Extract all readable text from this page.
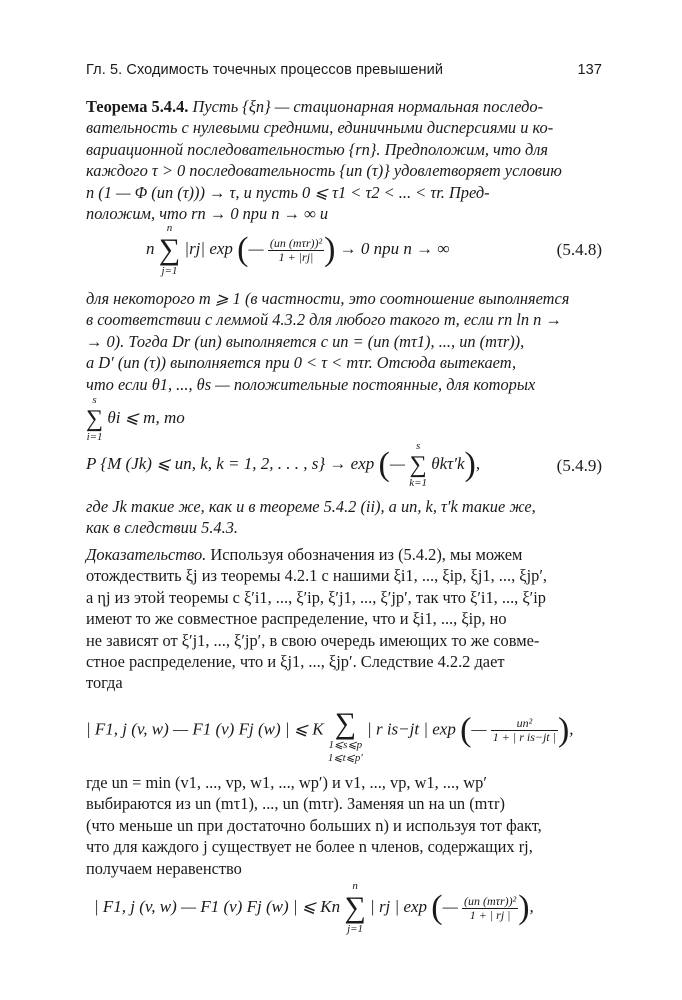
Гл. 5. Сходимость точечных процессов превышений	137
Теорема 5.4.4. Пусть {ξn} — стационарная нормальная последо-
вательность с нулевыми средними, единичными дисперсиями и ко-
вариационной последовательностью {rn}. Предположим, что для
каждого τ > 0 последовательность {un (τ)} удовлетворяет условию
n (1 — Φ (un (τ))) → τ, и пусть 0 ⩽ τ1 < τ2 < ... < τr. Пред-
положим, что rn → 0 при n → ∞ и
n
n
∑
j=1
|rj| exp (— $\frac{\text{(un (mτr))²}}{1 + |rj|}$ ) → 0 при n → ∞	(5.4.8)
для некоторого m ⩾ 1 (в частности, это соотношение выполняется
в соответствии с леммой 4.3.2 для любого такого m, если rn ln n →
→ 0). Тогда Dr (un) выполняется с un = (un (mτ1), ..., un (mτr)),
а D′ (un (τ)) выполняется при 0 < τ < mτr. Отсюда вытекает,
что если θ1, ..., θs — положительные постоянные, для которых
s
∑
i=1
θi ⩽ m, то
P {M (Jk) ⩽ un, k, k = 1, 2, . . . , s} → exp (—
s
∑
k=1
θkτ′k),	(5.4.9)
где Jk такие же, как и в теореме 5.4.2 (ii), а un, k, τ′k такие же,
как в следствии 5.4.3.
Доказательство. Используя обозначения из (5.4.2), мы можем
отождествить ξj из теоремы 4.2.1 с нашими ξi1, ..., ξip, ξj1, ..., ξjp′,
а ηj из этой теоремы с ξ′i1, ..., ξ′ip, ξ′j1, ..., ξ′jp′, так что ξ′i1, ..., ξ′ip
имеют то же совместное распределение, что и ξi1, ..., ξip, но
не зависят от ξ′j1, ..., ξ′jp′, в свою очередь имеющих то же совме-
стное распределение, что и ξj1, ..., ξjp′. Следствие 4.2.2 дает
тогда
| F1, j (v, w) — F1 (v) Fj (w) | ⩽ K
∑
1⩽s⩽p
1⩽t⩽p′
| r is−jt | exp (— $\frac{\text{un²}}{\text{1 + | r is−jt |}}$ ),
где un = min (v1, ..., vp, w1, ..., wp′) и v1, ..., vp, w1, ..., wp′
выбираются из un (mτ1), ..., un (mτr). Заменяя un на un (mτr)
(что меньше un при достаточно больших n) и используя тот факт,
что для каждого j существует не более n членов, содержащих rj,
получаем неравенство
| F1, j (v, w) — F1 (v) Fj (w) | ⩽ Kn
n
∑
j=1
| rj | exp (— $\frac{\text{(un (mτr))²}}{1 + | rj |}$ ),
